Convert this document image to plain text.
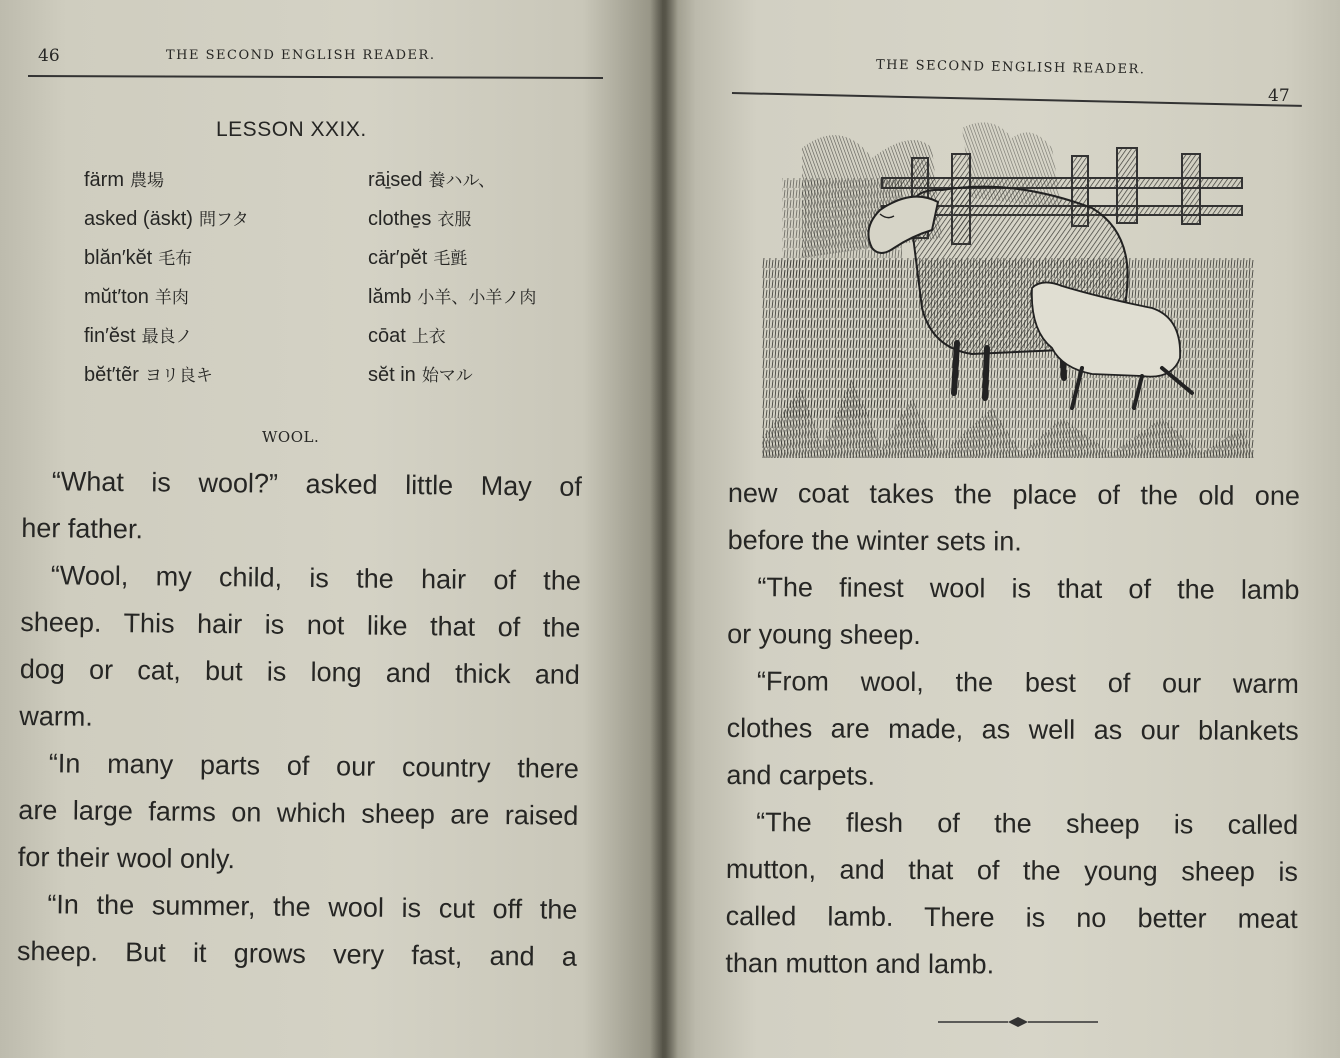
46	THE SECOND ENGLISH READER.
LESSON XXIX.
färm 農場
asked (äskt) 問フタ
blăn′kĕt 毛布
mŭt′ton 羊肉
fin′ĕst 最良ノ
bĕt′tẽr ヨリ良キ
rāi̱sed 養ハル、
clothe̱s 衣服
cär′pĕt 毛氈
lămb 小羊、小羊ノ肉
cōat 上衣
sĕt in 始マル
WOOL.
“What is wool?” asked little May of
her father.
“Wool, my child, is the hair of the
sheep. This hair is not like that of the
dog or cat, but is long and thick and
warm.
“In many parts of our country there
are large farms on which sheep are raised
for their wool only.
“In the summer, the wool is cut off the
sheep. But it grows very fast, and a
THE SECOND ENGLISH READER.
47
new coat takes the place of the old one
before the winter sets in.
“The finest wool is that of the lamb
or young sheep.
“From wool, the best of our warm
clothes are made, as well as our blankets
and carpets.
“The flesh of the sheep is called
mutton, and that of the young sheep is
called lamb. There is no better meat
than mutton and lamb.
